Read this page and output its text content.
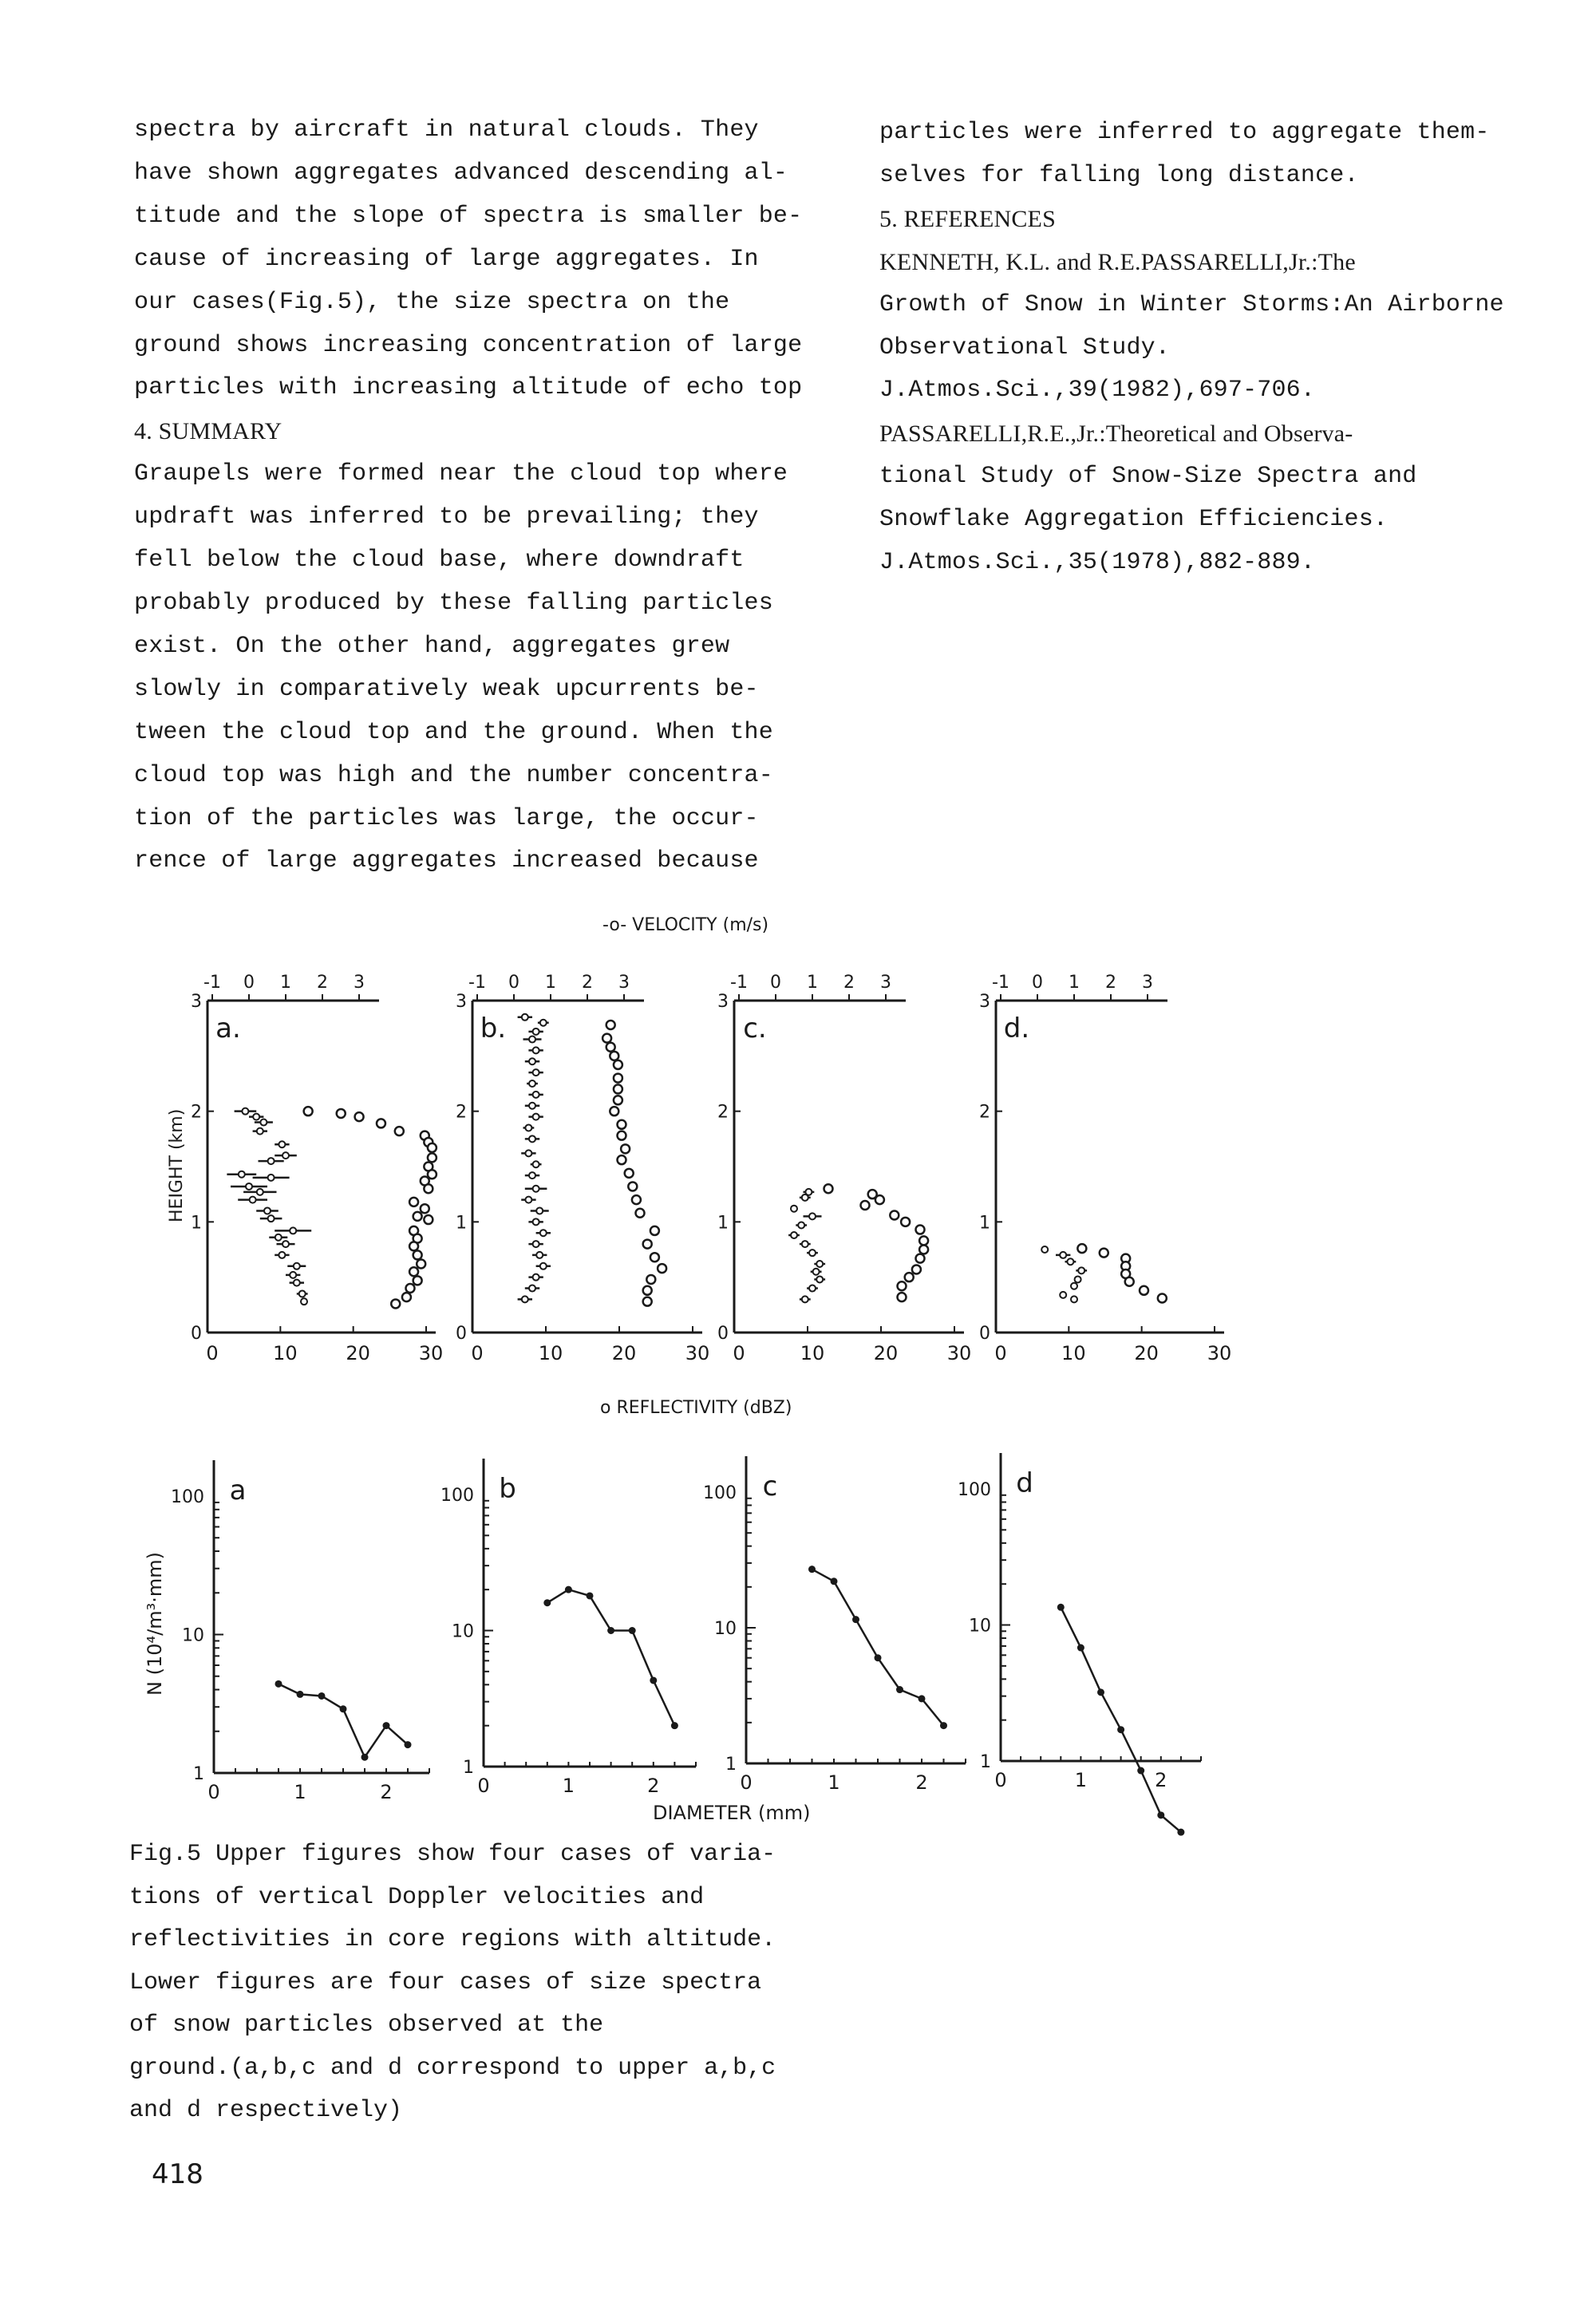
spectra by aircraft in natural clouds. They

have shown aggregates advanced descending al-

titude and the slope of spectra is smaller be-

cause of increasing of large aggregates. In

our cases(Fig.5), the size spectra on the

ground shows increasing concentration of large

particles with increasing altitude of echo top

4. SUMMARY

Graupels were formed near the cloud top where

updraft was inferred to be prevailing; they

fell below the cloud base, where downdraft

probably produced by these falling particles

exist. On the other hand, aggregates grew

slowly in comparatively weak upcurrents be-

tween the cloud top and the ground. When the

cloud top was high and the number concentra-

tion of the particles was large, the occur-

rence of large aggregates increased because

particles were inferred to aggregate them-

selves for falling long distance.

5. REFERENCES

KENNETH, K.L. and R.E.PASSARELLI,Jr.:The

Growth of Snow in Winter Storms:An Airborne

Observational Study.

J.Atmos.Sci.,39(1982),697-706.

PASSARELLI,R.E.,Jr.:Theoretical and Observa-

tional Study of Snow-Size Spectra and

Snowflake Aggregation Efficiencies.

J.Atmos.Sci.,35(1978),882-889.

-o- VELOCITY (m/s)
o REFLECTIVITY (dBZ)
HEIGHT (km)
N (10⁴/m³·mm)
DIAMETER (mm)
0
1
2
3
0	10	20	30
-1 0 1 2 3
a.
0
1
2
3
0	10	20	30
-1 0 1 2 3
b.
0
1
2
3
0	10	20	30
-1 0 1 2 3
c.
0
1
2
3
0	10	20	30
-1 0 1 2 3
d.
1
10
100
0	1	2
a
1
10
100
0	1	2
b
1
10
100
0	1	2
c
1
10
100
0	1	2
d

Fig.5 Upper figures show four cases of varia-

tions of vertical Doppler velocities and

reflectivities in core regions with altitude.

Lower figures are four cases of size spectra

of snow particles observed at the

ground.(a,b,c and d correspond to upper a,b,c

and d respectively)

418
